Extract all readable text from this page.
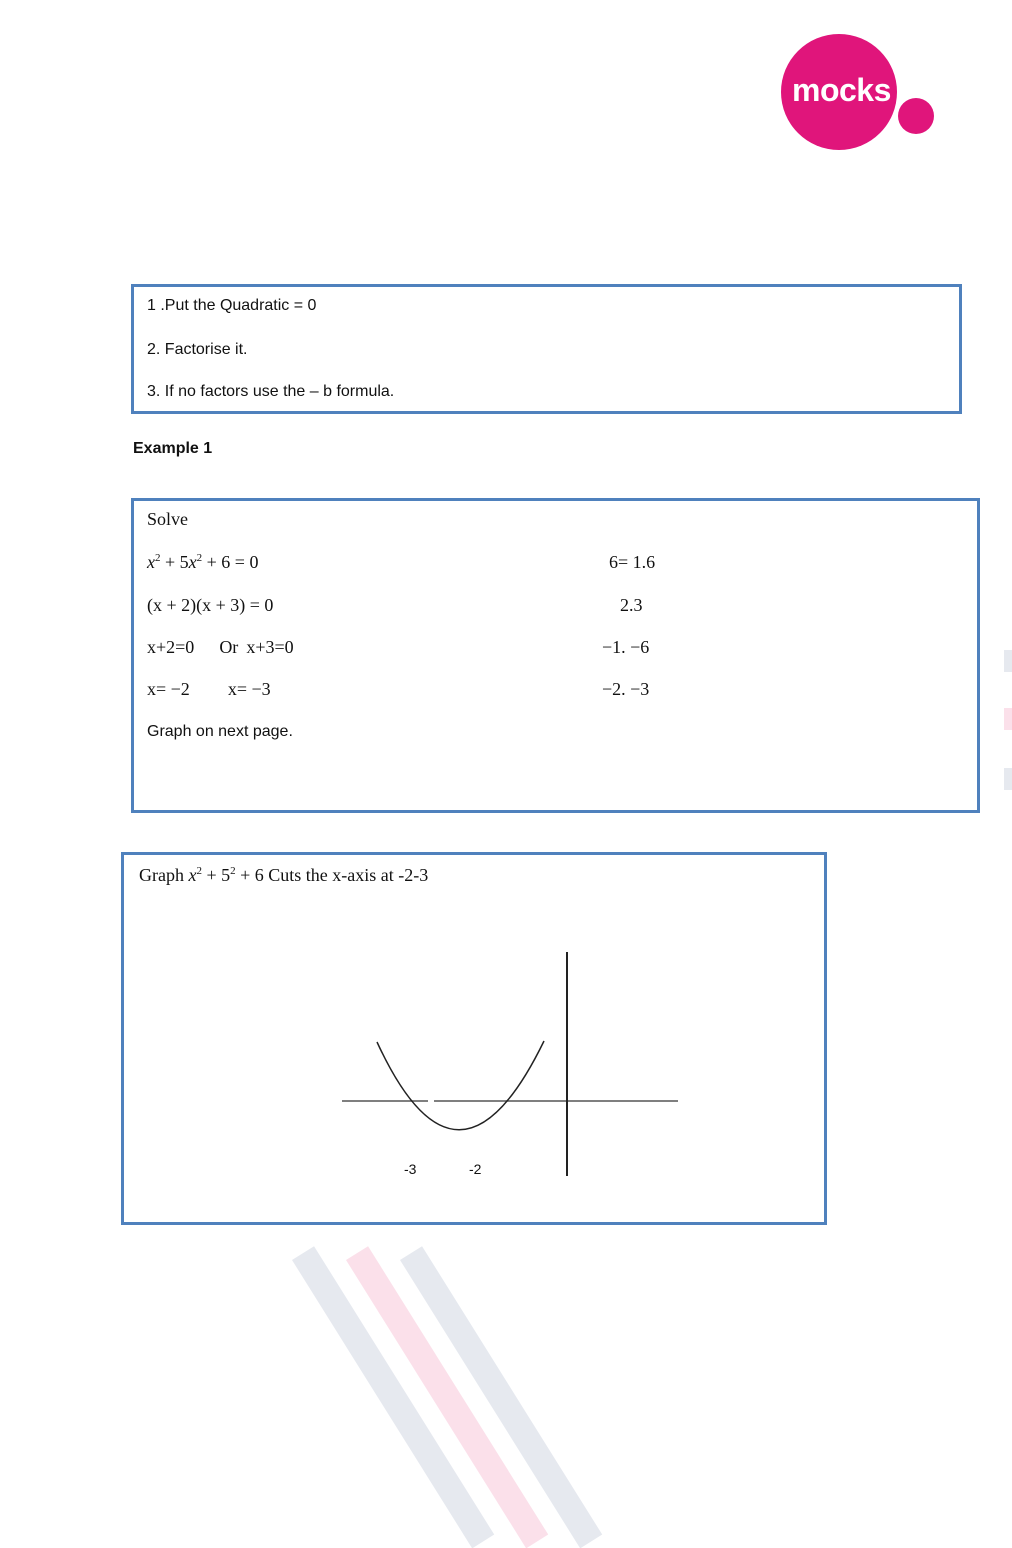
mocks
.ie
1 .Put the Quadratic = 0
2. Factorise it.
3. If no factors use the – b formula.
Example 1
Solve
$x^2 + 5x^2 + 6 = 0$
(x + 2)(x + 3) = 0
x+2=0 Or x+3=0
x= −2 x= −3
Graph on next page.
6= 1.6
2.3
−1. −6
−2. −3
Graph $x^2 + 5^2 + 6$ Cuts the x-axis at -2-3
-3	-2
